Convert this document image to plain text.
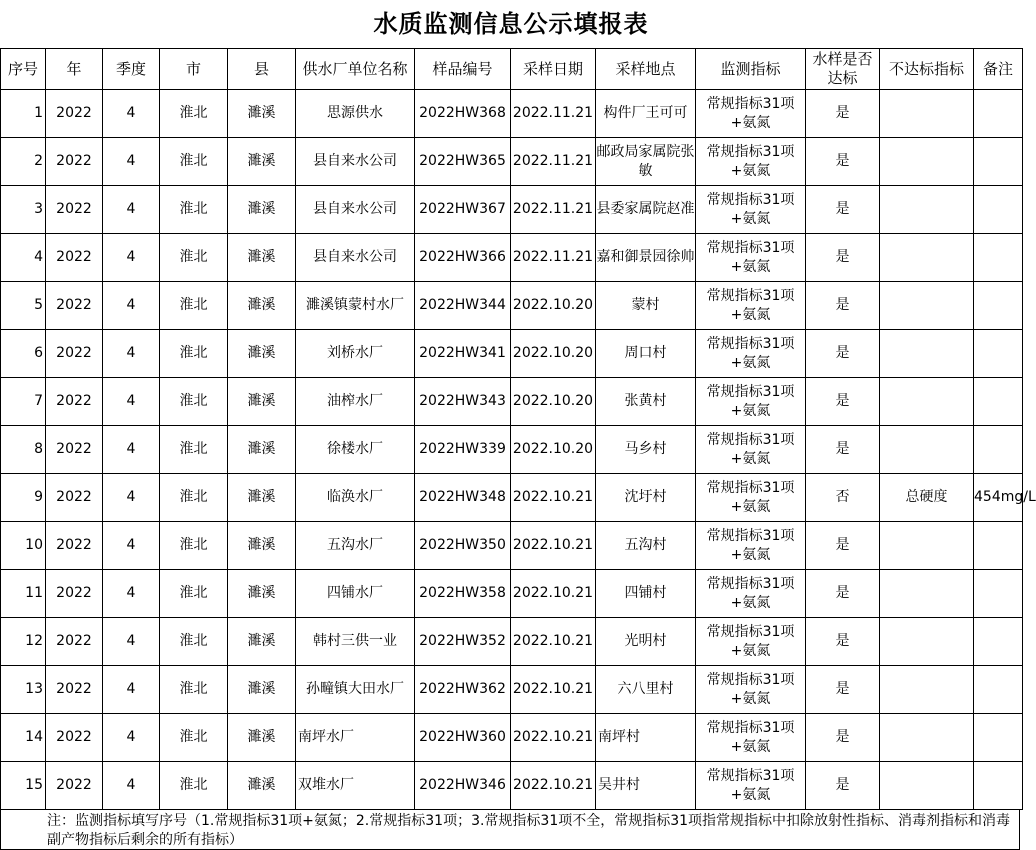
水质监测信息公示填报表
序号	年	季度	市	县	供水厂单位名称	样品编号	采样日期	采样地点	监测指标	水样是否达标	不达标指标	备注
1	2022	4	淮北	濉溪	思源供水	2022HW368	2022.11.21	构件厂王可可	常规指标31项+氨氮	是		
2	2022	4	淮北	濉溪	县自来水公司	2022HW365	2022.11.21	邮政局家属院张敏	常规指标31项+氨氮	是		
3	2022	4	淮北	濉溪	县自来水公司	2022HW367	2022.11.21	县委家属院赵准	常规指标31项+氨氮	是		
4	2022	4	淮北	濉溪	县自来水公司	2022HW366	2022.11.21	嘉和御景园徐帅	常规指标31项+氨氮	是		
5	2022	4	淮北	濉溪	濉溪镇蒙村水厂	2022HW344	2022.10.20	蒙村	常规指标31项+氨氮	是		
6	2022	4	淮北	濉溪	刘桥水厂	2022HW341	2022.10.20	周口村	常规指标31项+氨氮	是		
7	2022	4	淮北	濉溪	油榨水厂	2022HW343	2022.10.20	张黄村	常规指标31项+氨氮	是		
8	2022	4	淮北	濉溪	徐楼水厂	2022HW339	2022.10.20	马乡村	常规指标31项+氨氮	是		
9	2022	4	淮北	濉溪	临涣水厂	2022HW348	2022.10.21	沈圩村	常规指标31项+氨氮	否	总硬度	454mg/L
10	2022	4	淮北	濉溪	五沟水厂	2022HW350	2022.10.21	五沟村	常规指标31项+氨氮	是		
11	2022	4	淮北	濉溪	四铺水厂	2022HW358	2022.10.21	四铺村	常规指标31项+氨氮	是		
12	2022	4	淮北	濉溪	韩村三供一业	2022HW352	2022.10.21	光明村	常规指标31项+氨氮	是		
13	2022	4	淮北	濉溪	孙疃镇大田水厂	2022HW362	2022.10.21	六八里村	常规指标31项+氨氮	是		
14	2022	4	淮北	濉溪	南坪水厂	2022HW360	2022.10.21	南坪村	常规指标31项+氨氮	是		
15	2022	4	淮北	濉溪	双堆水厂	2022HW346	2022.10.21	吴井村	常规指标31项+氨氮	是		
注：监测指标填写序号（1.常规指标31项+氨氮；2.常规指标31项；3.常规指标31项不全，常规指标31项指常规指标中扣除放射性指标、消毒剂指标和消毒副产物指标后剩余的所有指标）
